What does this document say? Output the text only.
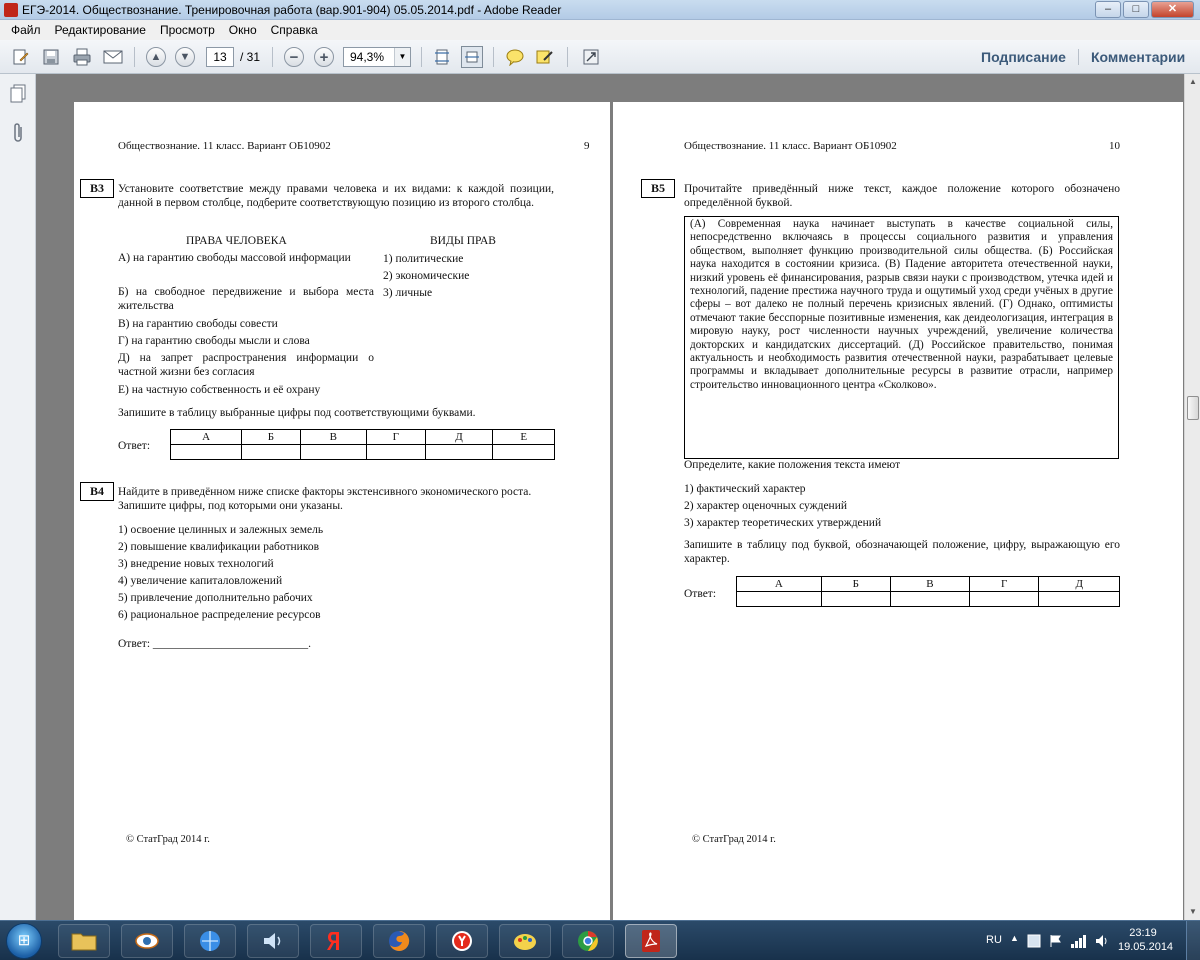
ЕГЭ-2014. Обществознание. Тренировочная работа (вар.901-904) 05.05.2014.pdf - Adobe Reader	–	□	✕
Файл	Редактирование	Просмотр	Окно	Справка
▲	▼	13	/ 31	−	+	94,3%	▼	Подписание Комментарии
Обществознание. 11 класс. Вариант ОБ10902	9
B3	Установите соответствие между правами человека и их видами: к каждой позиции, данной в первом столбце, подберите соответствующую позицию из второго столбца.
ПРАВА ЧЕЛОВЕКА	ВИДЫ ПРАВ
А) на гарантию свободы массовой информации
Б) на свободное передвижение и выбора места жительства
В) на гарантию свободы совести
Г) на гарантию свободы мысли и слова
Д) на запрет распространения информации о частной жизни без согласия
Е) на частную собственность и её охрану
1) политические
2) экономические
3) личные
Запишите в таблицу выбранные цифры под соответствующими буквами.
Ответ:
А	Б	В	Г	Д	Е

B4	Найдите в приведённом ниже списке факторы экстенсивного экономического роста. Запишите цифры, под которыми они указаны.
1) освоение целинных и залежных земель
2) повышение квалификации работников
3) внедрение новых технологий
4) увеличение капиталовложений
5) привлечение дополнительно рабочих
6) рациональное распределение ресурсов
Ответ: ___________________________.
© СтатГрад 2014 г.
Обществознание. 11 класс. Вариант ОБ10902	10
B5	Прочитайте приведённый ниже текст, каждое положение которого обозначено определённой буквой.
(А) Современная наука начинает выступать в качестве социальной силы, непосредственно включаясь в процессы социального развития и управления обществом, выполняет функцию производительной силы общества. (Б) Российская наука находится в состоянии кризиса. (В) Падение авторитета отечественной науки, низкий уровень её финансирования, разрыв связи науки с производством, утечка идей и технологий, падение престижа научного труда и ощутимый уход среди учёных в другие сферы – вот далеко не полный перечень кризисных явлений. (Г) Однако, оптимисты отмечают такие бесспорные позитивные изменения, как деидеологизация, интеграция в мировую науку, рост численности научных учреждений, увеличение количества докторских и кандидатских диссертаций. (Д) Российское правительство, понимая актуальность и необходимость развития отечественной науки, разрабатывает целевые программы и вкладывает дополнительные ресурсы в развитие отрасли, например строительство инновационного центра «Сколково».
Определите, какие положения текста имеют
1) фактический характер
2) характер оценочных суждений
3) характер теоретических утверждений
Запишите в таблицу под буквой, обозначающей положение, цифру, выражающую его характер.
Ответ:
А	Б	В	Г	Д

© СтатГрад 2014 г.
▲
▼
⊞	RU ▲	23:19
19.05.2014
